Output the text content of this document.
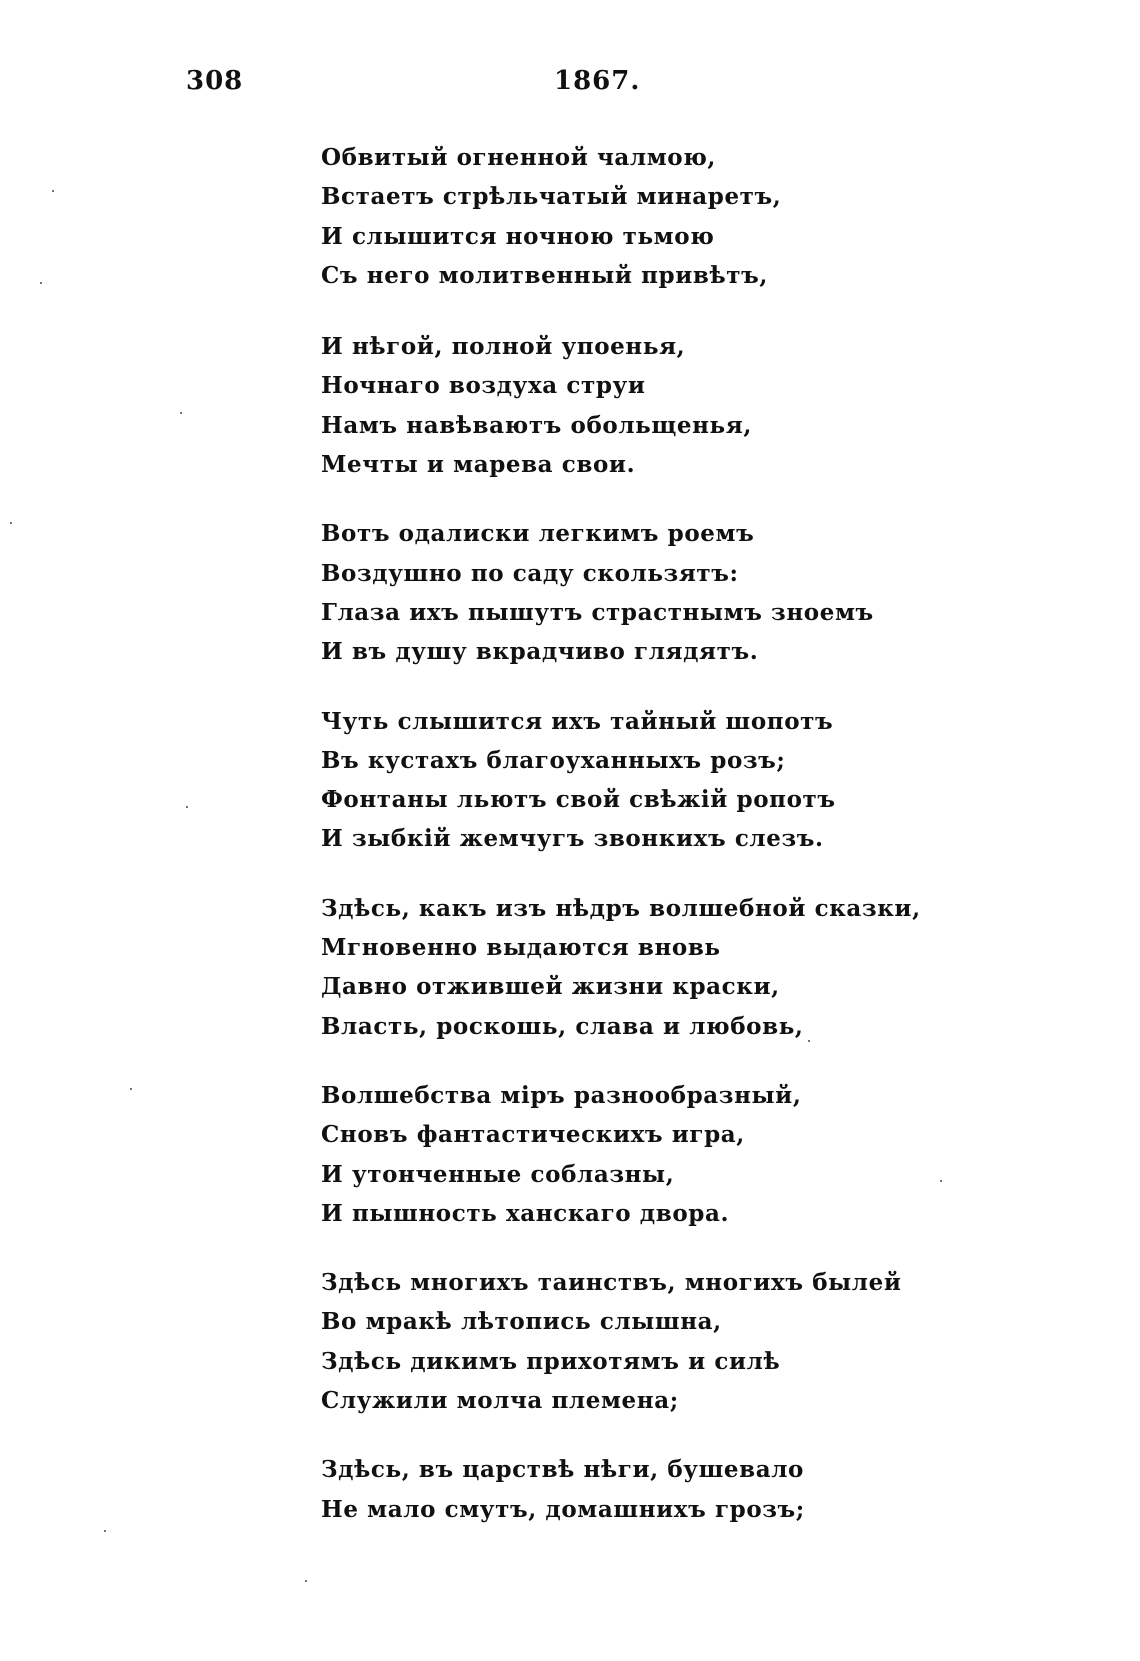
308	1867.
Обвитый огненной чалмою,
Встаетъ стрѣльчатый минаретъ,
И слышится ночною тьмою
Съ него молитвенный привѣтъ,
И нѣгой, полной упоенья,
Ночнаго воздуха струи
Намъ навѣваютъ обольщенья,
Мечты и марева свои.
Вотъ одалиски легкимъ роемъ
Воздушно по саду скользятъ:
Глаза ихъ пышутъ страстнымъ зноемъ
И въ душу вкрадчиво глядятъ.
Чуть слышится ихъ тайный шопотъ
Въ кустахъ благоуханныхъ розъ;
Фонтаны льютъ свой свѣжій ропотъ
И зыбкій жемчугъ звонкихъ слезъ.
Здѣсь, какъ изъ нѣдръ волшебной сказки,
Мгновенно выдаются вновь
Давно отжившей жизни краски,
Власть, роскошь, слава и любовь,
Волшебства міръ разнообразный,
Сновъ фантастическихъ игра,
И утонченные соблазны,
И пышность ханскаго двора.
Здѣсь многихъ таинствъ, многихъ былей
Во мракѣ лѣтопись слышна,
Здѣсь дикимъ прихотямъ и силѣ
Служили молча племена;
Здѣсь, въ царствѣ нѣги, бушевало
Не мало смутъ, домашнихъ грозъ;
